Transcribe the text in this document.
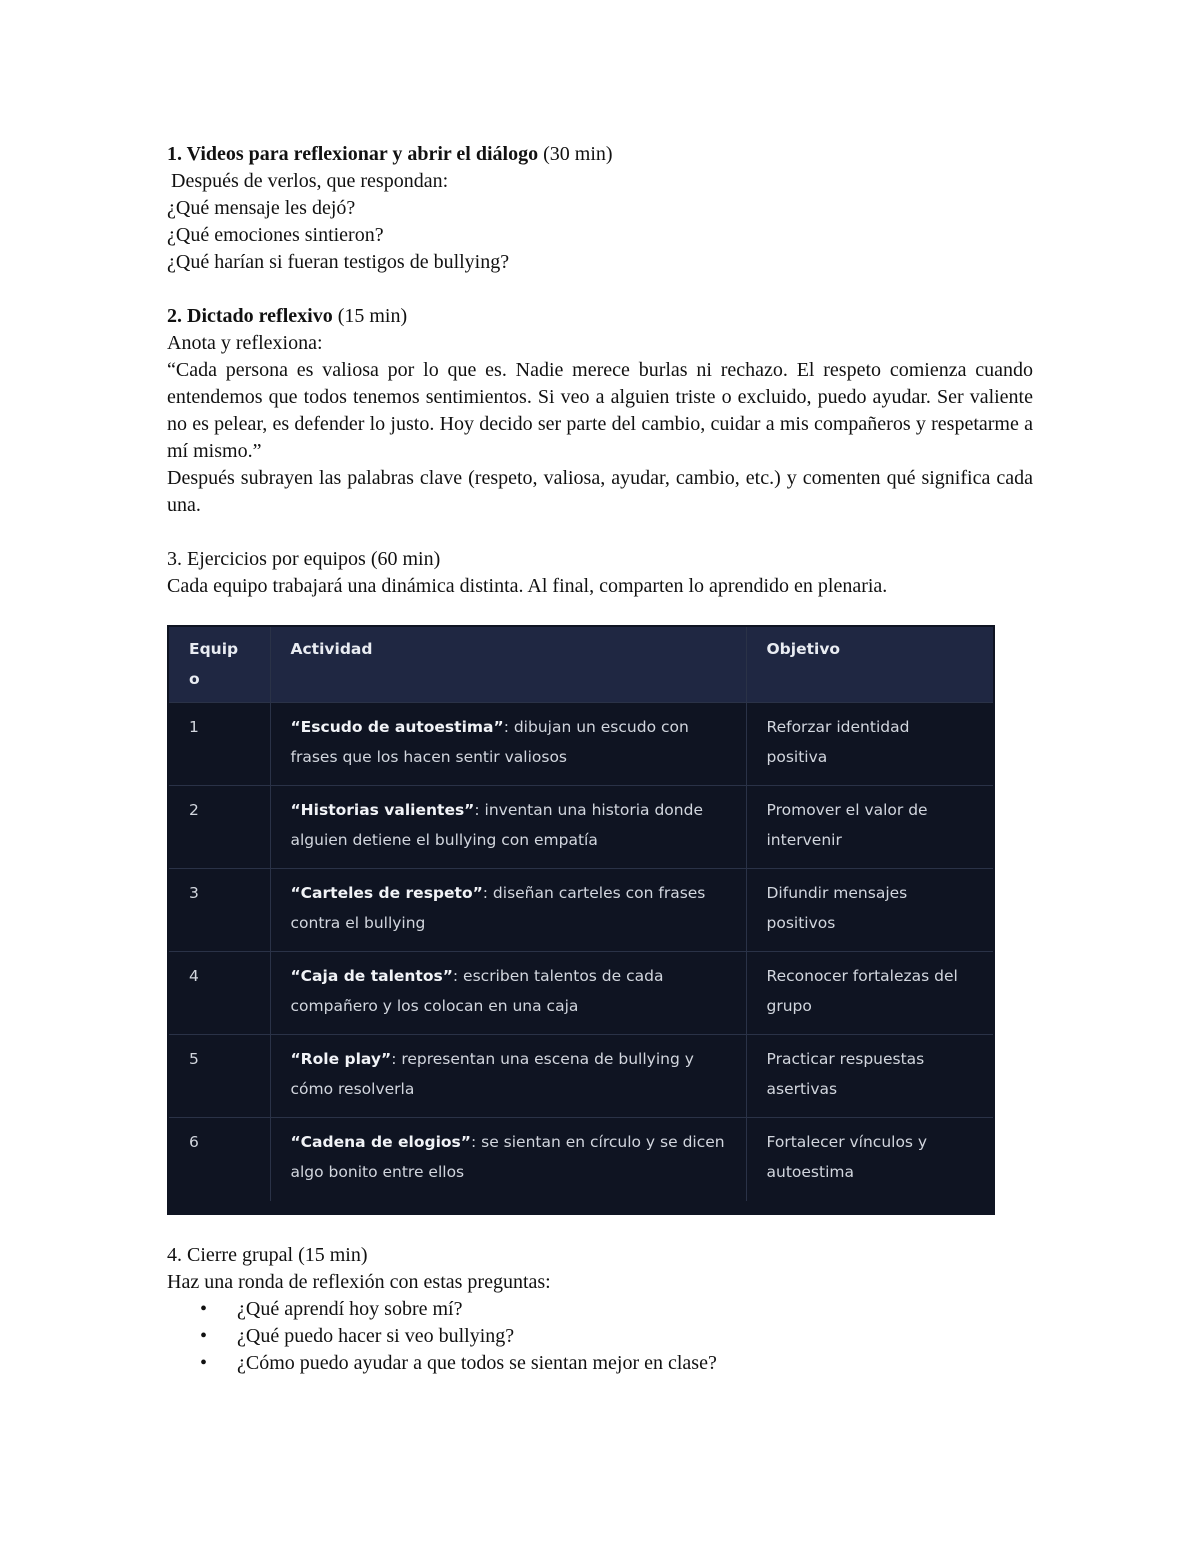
1. Videos para reflexionar y abrir el diálogo (30 min)

Después de verlos, que respondan:

¿Qué mensaje les dejó?

¿Qué emociones sintieron?

¿Qué harían si fueran testigos de bullying?

2. Dictado reflexivo (15 min)

Anota y reflexiona:

“Cada persona es valiosa por lo que es. Nadie merece burlas ni rechazo. El respeto comienza cuando entendemos que todos tenemos sentimientos. Si veo a alguien triste o excluido, puedo ayudar. Ser valiente no es pelear, es defender lo justo. Hoy decido ser parte del cambio, cuidar a mis compañeros y respetarme a mí mismo.”

Después subrayen las palabras clave (respeto, valiosa, ayudar, cambio, etc.) y comenten qué significa cada una.

3. Ejercicios por equipos (60 min)

Cada equipo trabajará una dinámica distinta. Al final, comparten lo aprendido en plenaria.

Equip o	Actividad	Objetivo
1	“Escudo de autoestima”: dibujan un escudo con frases que los hacen sentir valiosos	Reforzar identidad positiva
2	“Historias valientes”: inventan una historia donde alguien detiene el bullying con empatía	Promover el valor de intervenir
3	“Carteles de respeto”: diseñan carteles con frases contra el bullying	Difundir mensajes positivos
4	“Caja de talentos”: escriben talentos de cada compañero y los colocan en una caja	Reconocer fortalezas del grupo
5	“Role play”: representan una escena de bullying y cómo resolverla	Practicar respuestas asertivas
6	“Cadena de elogios”: se sientan en círculo y se dicen algo bonito entre ellos	Fortalecer vínculos y autoestima

4. Cierre grupal (15 min)

Haz una ronda de reflexión con estas preguntas:

• ¿Qué aprendí hoy sobre mí?
• ¿Qué puedo hacer si veo bullying?
• ¿Cómo puedo ayudar a que todos se sientan mejor en clase?
